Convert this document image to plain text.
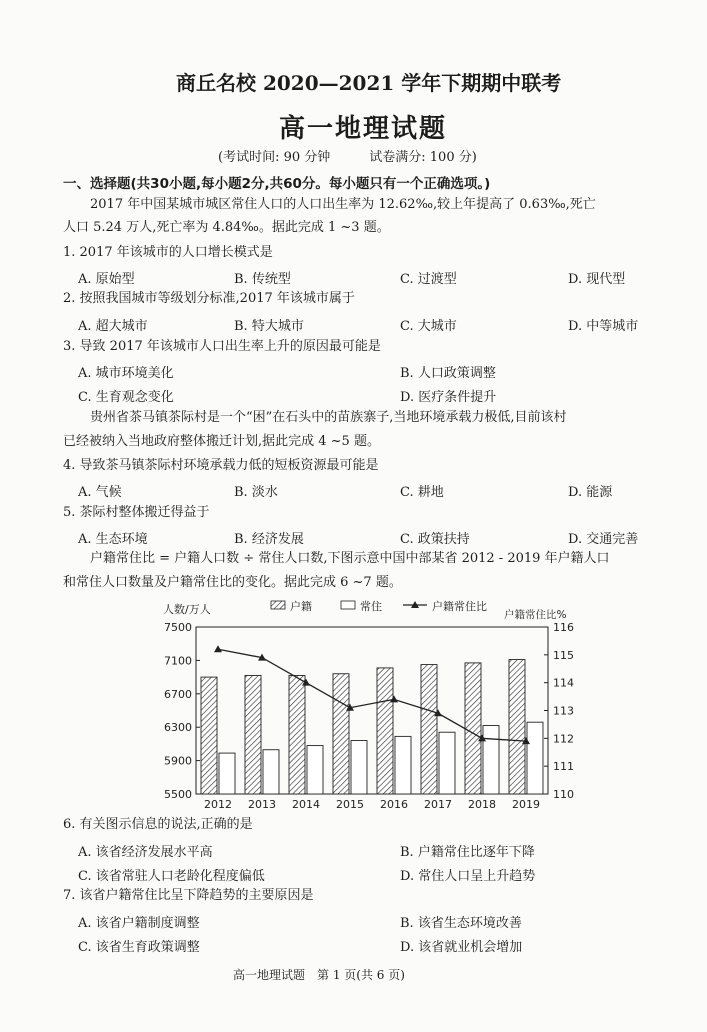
商丘名校 2020—2021 学年下期期中联考
高一地理试题
(考试时间: 90 分钟　　　试卷满分: 100 分)
一、选择题(共30小题,每小题2分,共60分。每小题只有一个正确选项。)
2017 年中国某城市城区常住人口的人口出生率为 12.62‰,较上年提高了 0.63‰,死亡
人口 5.24 万人,死亡率为 4.84‰。据此完成 1 ~3 题。
1. 2017 年该城市的人口增长模式是
A. 原始型	B. 传统型	C. 过渡型	D. 现代型
2. 按照我国城市等级划分标准,2017 年该城市属于
A. 超大城市	B. 特大城市	C. 大城市	D. 中等城市
3. 导致 2017 年该城市人口出生率上升的原因最可能是
A. 城市环境美化	B. 人口政策调整
C. 生育观念变化	D. 医疗条件提升
贵州省茶马镇茶际村是一个“困”在石头中的苗族寨子,当地环境承载力极低,目前该村
已经被纳入当地政府整体搬迁计划,据此完成 4 ~5 题。
4. 导致茶马镇茶际村环境承载力低的短板资源最可能是
A. 气候	B. 淡水	C. 耕地	D. 能源
5. 茶际村整体搬迁得益于
A. 生态环境	B. 经济发展	C. 政策扶持	D. 交通完善
户籍常住比 = 户籍人口数 ÷ 常住人口数,下图示意中国中部某省 2012 - 2019 年户籍人口
和常住人口数量及户籍常住比的变化。据此完成 6 ~7 题。
7500
7100
6700
6300
5900
5500
116
115
114
113
112
111
110
人数/万人	户籍常住比%
2012 2013 2014 2015 2016 2017 2018 2019
户籍	常住	户籍常住比
6. 有关图示信息的说法,正确的是
A. 该省经济发展水平高	B. 户籍常住比逐年下降
C. 该省常驻人口老龄化程度偏低	D. 常住人口呈上升趋势
7. 该省户籍常住比呈下降趋势的主要原因是
A. 该省户籍制度调整	B. 该省生态环境改善
C. 该省生育政策调整	D. 该省就业机会增加
高一地理试题　第 1 页(共 6 页)
